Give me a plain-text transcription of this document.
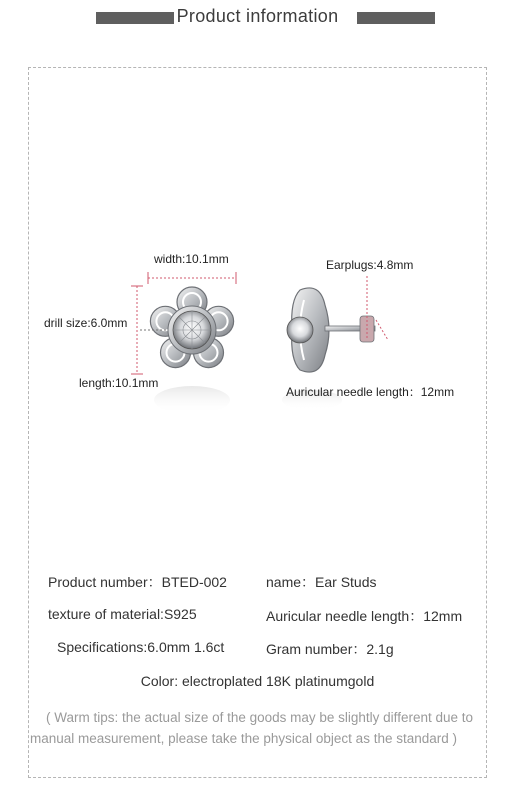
Product information
width:10.1mm
drill size:6.0mm
length:10.1mm
Earplugs:4.8mm
Auricular needle length：12mm
Product number：BTED-002	name：Ear Studs
texture of material:S925	Auricular needle length：12mm
Specifications:6.0mm 1.6ct	Gram number：2.1g
Color: electroplated 18K platinumgold
( Warm tips: the actual size of the goods may be slightly different due to
manual measurement, please take the physical object as the standard )
